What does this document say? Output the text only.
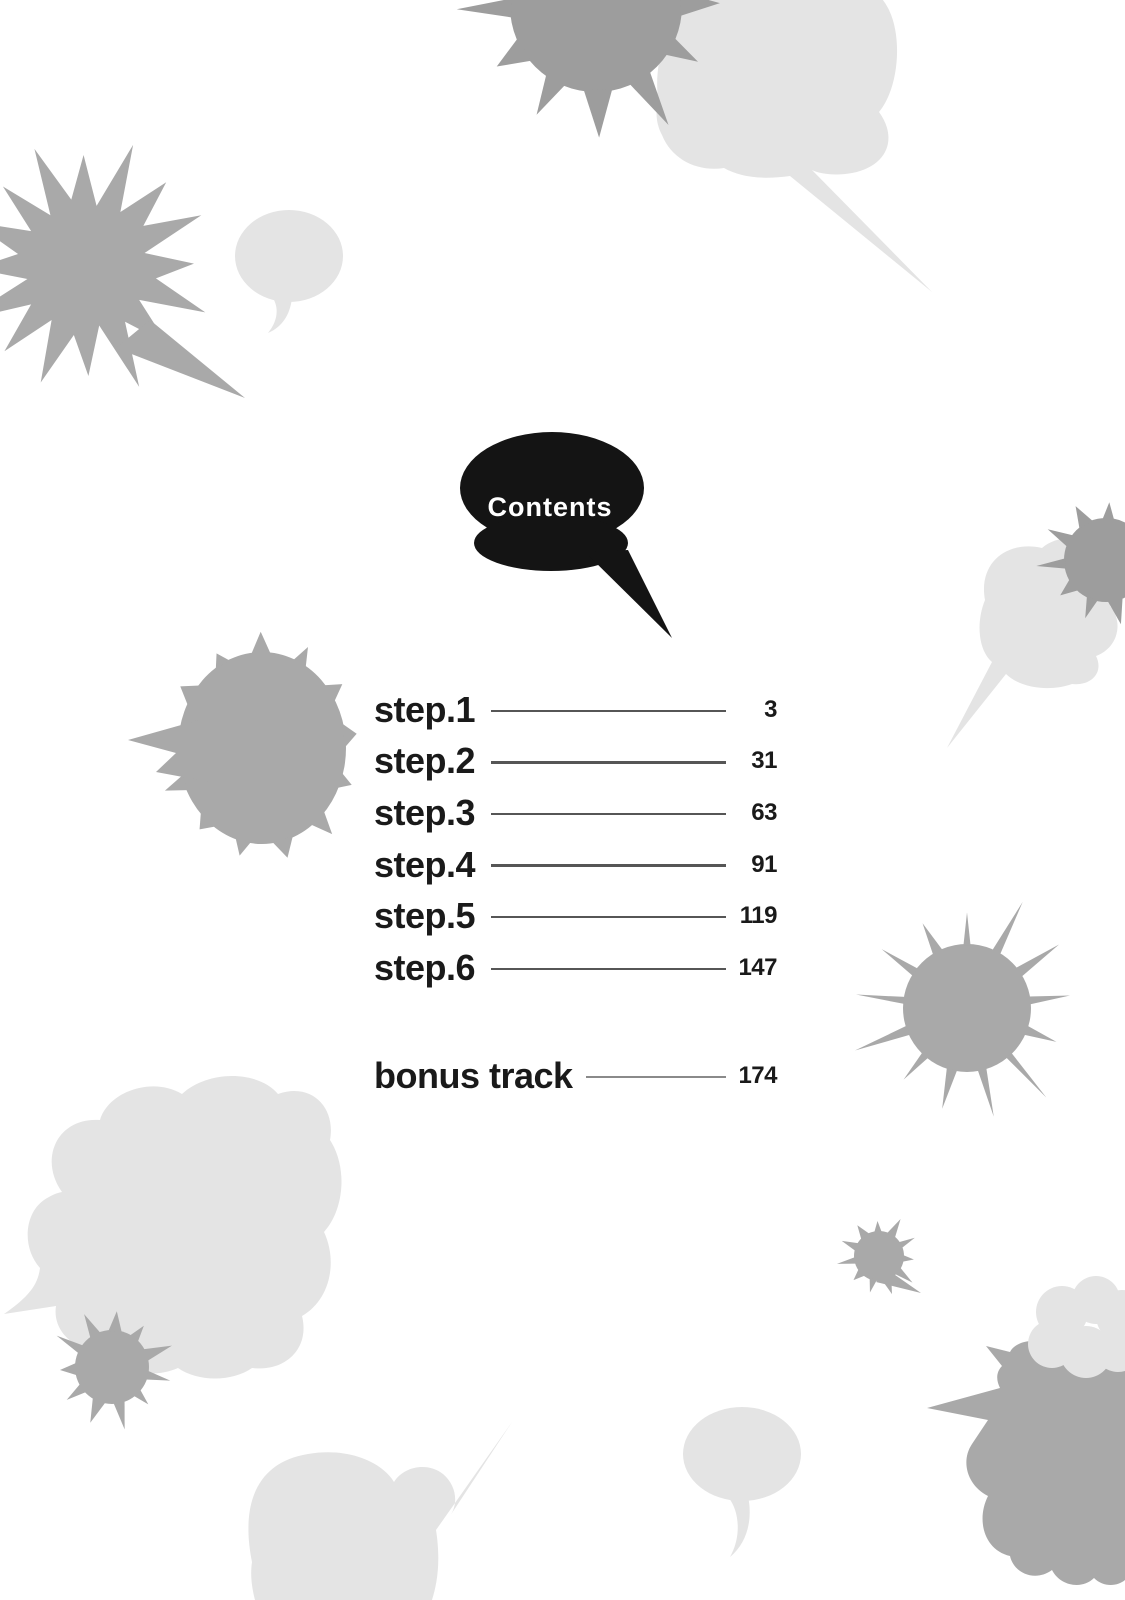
Contents
step.1	3
step.2	31
step.3	63
step.4	91
step.5	119
step.6	147
bonus track	174
